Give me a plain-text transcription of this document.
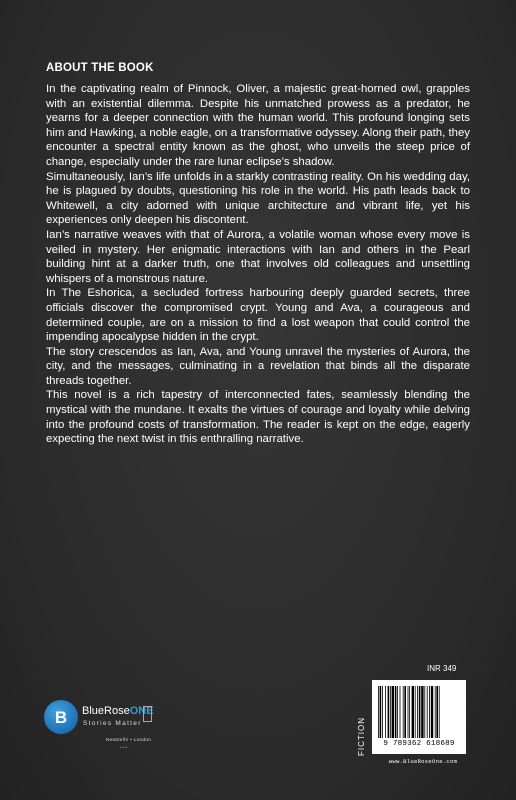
ABOUT THE BOOK

In the captivating realm of Pinnock, Oliver, a majestic great-horned owl, grapples with an existential dilemma. Despite his unmatched prowess as a predator, he yearns for a deeper connection with the human world. This profound longing sets him and Hawking, a noble eagle, on a transformative odyssey. Along their path, they encounter a spectral entity known as the ghost, who unveils the steep price of change, especially under the rare lunar eclipse’s shadow.

Simultaneously, Ian’s life unfolds in a starkly contrasting reality. On his wedding day, he is plagued by doubts, questioning his role in the world. His path leads back to Whitewell, a city adorned with unique architecture and vibrant life, yet his experiences only deepen his discontent.

Ian’s narrative weaves with that of Aurora, a volatile woman whose every move is veiled in mystery. Her enigmatic interactions with Ian and others in the Pearl building hint at a darker truth, one that involves old colleagues and unsettling whispers of a monstrous nature.

In The Eshorica, a secluded fortress harbouring deeply guarded secrets, three officials discover the compromised crypt. Young and Ava, a courageous and determined couple, are on a mission to find a lost weapon that could control the impending apocalypse hidden in the crypt.

The story crescendos as Ian, Ava, and Young unravel the mysteries of Aurora, the city, and the messages, culminating in a revelation that binds all the disparate threads together.

This novel is a rich tapestry of interconnected fates, seamlessly blending the mystical with the mundane. It exalts the virtues of courage and loyalty while delving into the profound costs of transformation. The reader is kept on the edge, eagerly expecting the next twist in this enthralling narrative.

B BlueRoseONE
Stories Matter
NewDelhi • London
▪▪▪
INR 349
FICTION	9 789362 618689
www.BlueRoseOne.com
